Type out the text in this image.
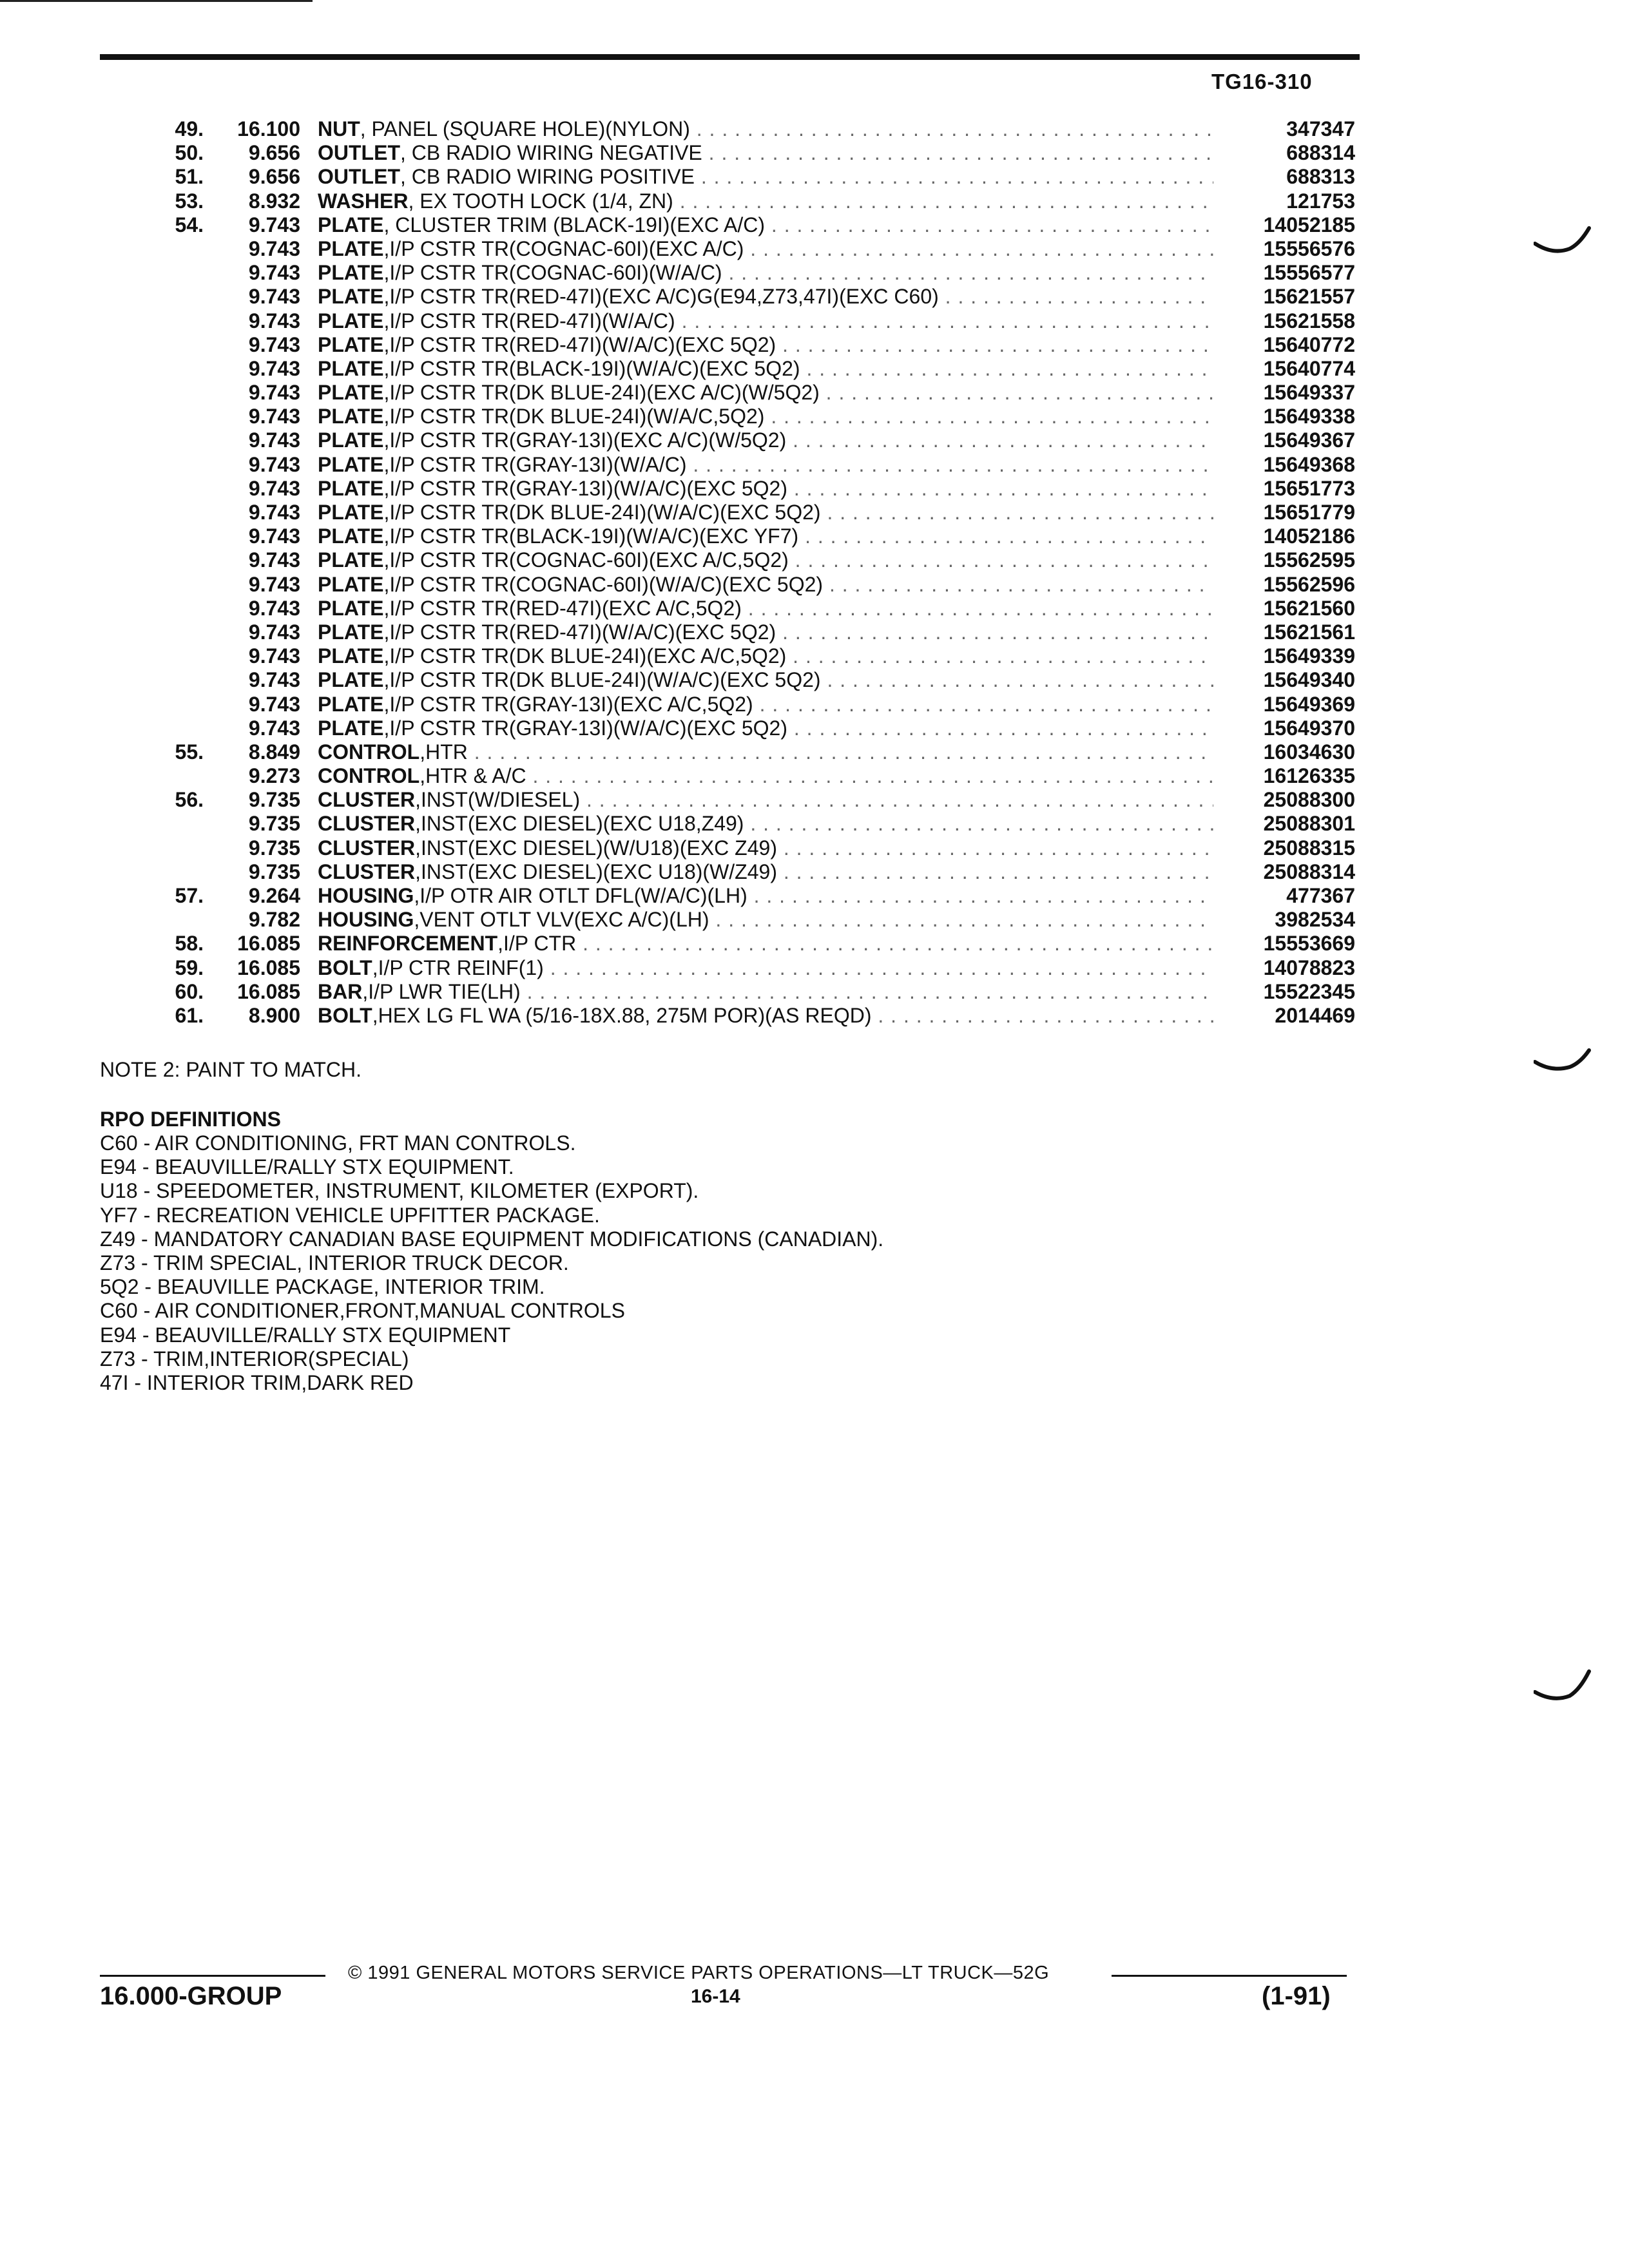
TG16-310
49. 16.100 NUT, PANEL (SQUARE HOLE)(NYLON) . . .	347347
50. 9.656 OUTLET, CB RADIO WIRING NEGATIVE . . .	688314
51. 9.656 OUTLET, CB RADIO WIRING POSITIVE . . .	688313
53. 8.932 WASHER, EX TOOTH LOCK (1/4, ZN) . . .	121753
54. 9.743 PLATE, CLUSTER TRIM (BLACK-19I)(EXC A/C) . . .	14052185
9.743 PLATE,I/P CSTR TR(COGNAC-60I)(EXC A/C) . . .	15556576
9.743 PLATE,I/P CSTR TR(COGNAC-60I)(W/A/C) . . .	15556577
9.743 PLATE,I/P CSTR TR(RED-47I)(EXC A/C)G(E94,Z73,47I)(EXC C60) . . .	15621557
9.743 PLATE,I/P CSTR TR(RED-47I)(W/A/C) . . .	15621558
9.743 PLATE,I/P CSTR TR(RED-47I)(W/A/C)(EXC 5Q2) . . .	15640772
9.743 PLATE,I/P CSTR TR(BLACK-19I)(W/A/C)(EXC 5Q2) . . .	15640774
9.743 PLATE,I/P CSTR TR(DK BLUE-24I)(EXC A/C)(W/5Q2) . . .	15649337
9.743 PLATE,I/P CSTR TR(DK BLUE-24I)(W/A/C,5Q2) . . .	15649338
9.743 PLATE,I/P CSTR TR(GRAY-13I)(EXC A/C)(W/5Q2) . . .	15649367
9.743 PLATE,I/P CSTR TR(GRAY-13I)(W/A/C) . . .	15649368
9.743 PLATE,I/P CSTR TR(GRAY-13I)(W/A/C)(EXC 5Q2) . . .	15651773
9.743 PLATE,I/P CSTR TR(DK BLUE-24I)(W/A/C)(EXC 5Q2) . . .	15651779
9.743 PLATE,I/P CSTR TR(BLACK-19I)(W/A/C)(EXC YF7) . . .	14052186
9.743 PLATE,I/P CSTR TR(COGNAC-60I)(EXC A/C,5Q2) . . .	15562595
9.743 PLATE,I/P CSTR TR(COGNAC-60I)(W/A/C)(EXC 5Q2) . . .	15562596
9.743 PLATE,I/P CSTR TR(RED-47I)(EXC A/C,5Q2) . . .	15621560
9.743 PLATE,I/P CSTR TR(RED-47I)(W/A/C)(EXC 5Q2) . . .	15621561
9.743 PLATE,I/P CSTR TR(DK BLUE-24I)(EXC A/C,5Q2) . . .	15649339
9.743 PLATE,I/P CSTR TR(DK BLUE-24I)(W/A/C)(EXC 5Q2) . . .	15649340
9.743 PLATE,I/P CSTR TR(GRAY-13I)(EXC A/C,5Q2) . . .	15649369
9.743 PLATE,I/P CSTR TR(GRAY-13I)(W/A/C)(EXC 5Q2) . . .	15649370
55. 8.849 CONTROL,HTR . . .	16034630
9.273 CONTROL,HTR & A/C . . .	16126335
56. 9.735 CLUSTER,INST(W/DIESEL) . . .	25088300
9.735 CLUSTER,INST(EXC DIESEL)(EXC U18,Z49) . . .	25088301
9.735 CLUSTER,INST(EXC DIESEL)(W/U18)(EXC Z49) . . .	25088315
9.735 CLUSTER,INST(EXC DIESEL)(EXC U18)(W/Z49) . . .	25088314
57. 9.264 HOUSING,I/P OTR AIR OTLT DFL(W/A/C)(LH) . . .	477367
9.782 HOUSING,VENT OTLT VLV(EXC A/C)(LH) . . .	3982534
58. 16.085 REINFORCEMENT,I/P CTR . . .	15553669
59. 16.085 BOLT,I/P CTR REINF(1) . . .	14078823
60. 16.085 BAR,I/P LWR TIE(LH) . . .	15522345
61. 8.900 BOLT,HEX LG FL WA (5/16-18X.88, 275M POR)(AS REQD) . . .	2014469
NOTE 2: PAINT TO MATCH.
RPO DEFINITIONS
C60 - AIR CONDITIONING, FRT MAN CONTROLS.
E94 - BEAUVILLE/RALLY STX EQUIPMENT.
U18 - SPEEDOMETER, INSTRUMENT, KILOMETER (EXPORT).
YF7 - RECREATION VEHICLE UPFITTER PACKAGE.
Z49 - MANDATORY CANADIAN BASE EQUIPMENT MODIFICATIONS (CANADIAN).
Z73 - TRIM SPECIAL, INTERIOR TRUCK DECOR.
5Q2 - BEAUVILLE PACKAGE, INTERIOR TRIM.
C60 - AIR CONDITIONER,FRONT,MANUAL CONTROLS
E94 - BEAUVILLE/RALLY STX EQUIPMENT
Z73 - TRIM,INTERIOR(SPECIAL)
47I - INTERIOR TRIM,DARK RED
© 1991 GENERAL MOTORS SERVICE PARTS OPERATIONS—LT TRUCK—52G
16.000-GROUP	16-14	(1-91)
